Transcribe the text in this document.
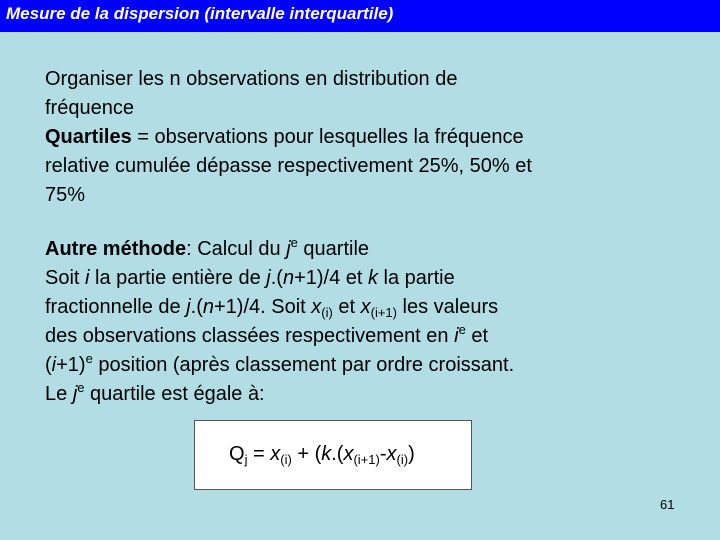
Mesure de la dispersion (intervalle interquartile)
Organiser les n observations en distribution de
fréquence
Quartiles = observations pour lesquelles la fréquence
relative cumulée dépasse respectivement 25%, 50% et
75%
Autre méthode: Calcul du $j^e$ quartile
Soit i la partie entière de j.(n+1)/4 et k la partie
fractionnelle de j.(n+1)/4. Soit $x_{(i)}$ et $x_{(i+1)}$ les valeurs
des observations classées respectivement en $i^e$ et
$(i+1)^e$ position (après classement par ordre croissant.
Le $j^e$ quartile est égale à:
$Q_j = x_{(i)} + (k.(x_{(i+1)}-x_{(i)})$
61
